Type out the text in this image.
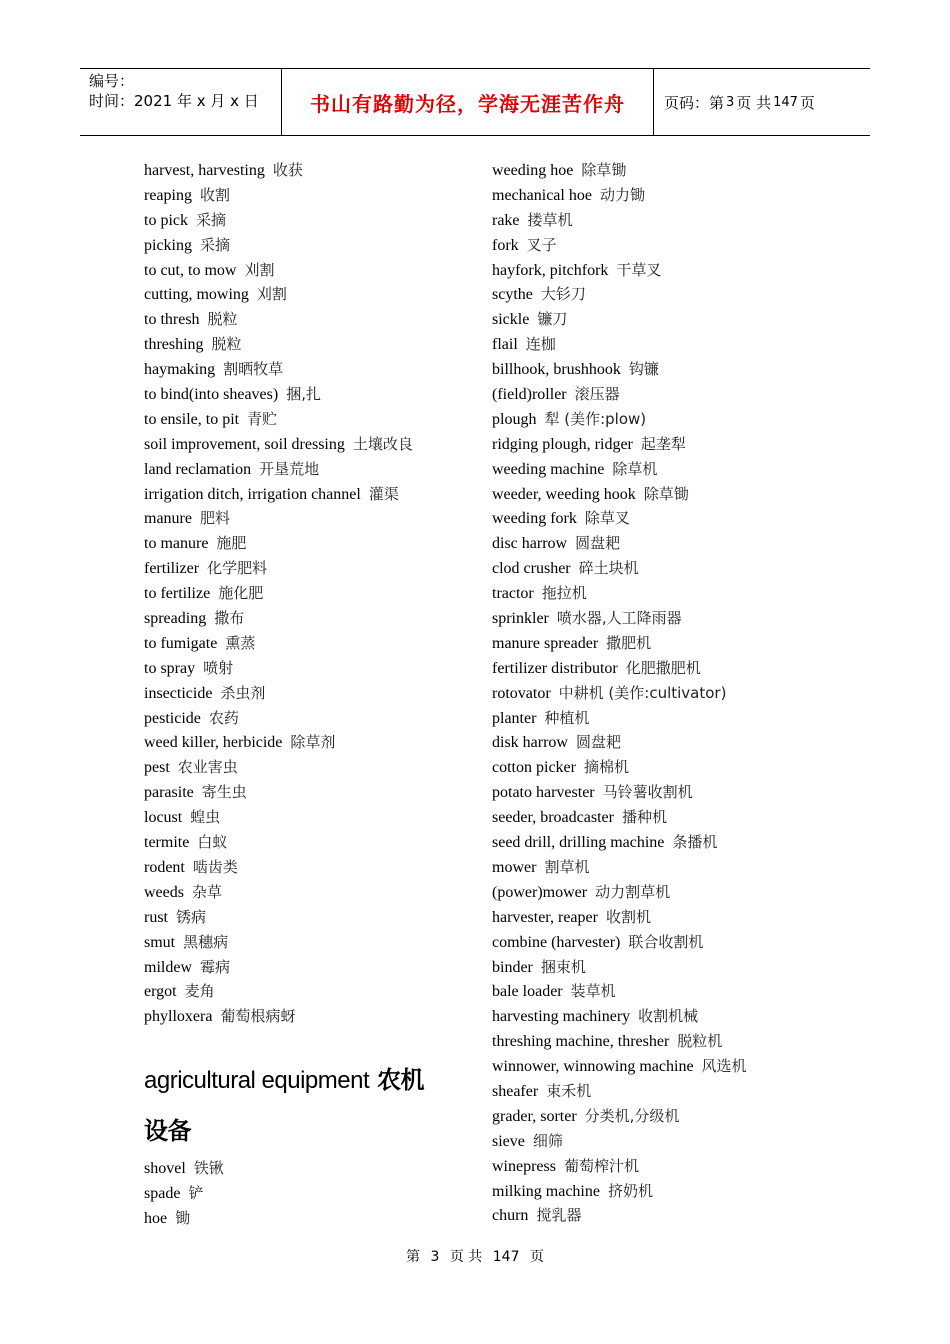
编号：
时间：2021 年 x 月 x 日	书山有路勤为径，学海无涯苦作舟	页码：第 3 页 共 147 页
harvest, harvesting 收获
reaping 收割
to pick 采摘
picking 采摘
to cut, to mow 刈割
cutting, mowing 刈割
to thresh 脱粒
threshing 脱粒
haymaking 割晒牧草
to bind(into sheaves) 捆,扎
to ensile, to pit 青贮
soil improvement, soil dressing 土壤改良
land reclamation 开垦荒地
irrigation ditch, irrigation channel 灌渠
manure 肥料
to manure 施肥
fertilizer 化学肥料
to fertilize 施化肥
spreading 撒布
to fumigate 熏蒸
to spray 喷射
insecticide 杀虫剂
pesticide 农药
weed killer, herbicide 除草剂
pest 农业害虫
parasite 寄生虫
locust 蝗虫
termite 白蚁
rodent 啮齿类
weeds 杂草
rust 锈病
smut 黑穗病
mildew 霉病
ergot 麦角
phylloxera 葡萄根病蚜
agricultural equipment 农机
设备
shovel 铁锹
spade 铲
hoe 锄
weeding hoe 除草锄
mechanical hoe 动力锄
rake 搂草机
fork 叉子
hayfork, pitchfork 干草叉
scythe 大钐刀
sickle 镰刀
flail 连枷
billhook, brushhook 钩镰
(field)roller 滚压器
plough 犁 (美作:plow)
ridging plough, ridger 起垄犁
weeding machine 除草机
weeder, weeding hook 除草锄
weeding fork 除草叉
disc harrow 圆盘耙
clod crusher 碎土块机
tractor 拖拉机
sprinkler 喷水器,人工降雨器
manure spreader 撒肥机
fertilizer distributor 化肥撒肥机
rotovator 中耕机 (美作:cultivator)
planter 种植机
disk harrow 圆盘耙
cotton picker 摘棉机
potato harvester 马铃薯收割机
seeder, broadcaster 播种机
seed drill, drilling machine 条播机
mower 割草机
(power)mower 动力割草机
harvester, reaper 收割机
combine (harvester) 联合收割机
binder 捆束机
bale loader 装草机
harvesting machinery 收割机械
threshing machine, thresher 脱粒机
winnower, winnowing machine 风选机
sheafer 束禾机
grader, sorter 分类机,分级机
sieve 细筛
winepress 葡萄榨汁机
milking machine 挤奶机
churn 搅乳器
第 3 页 共 147 页
